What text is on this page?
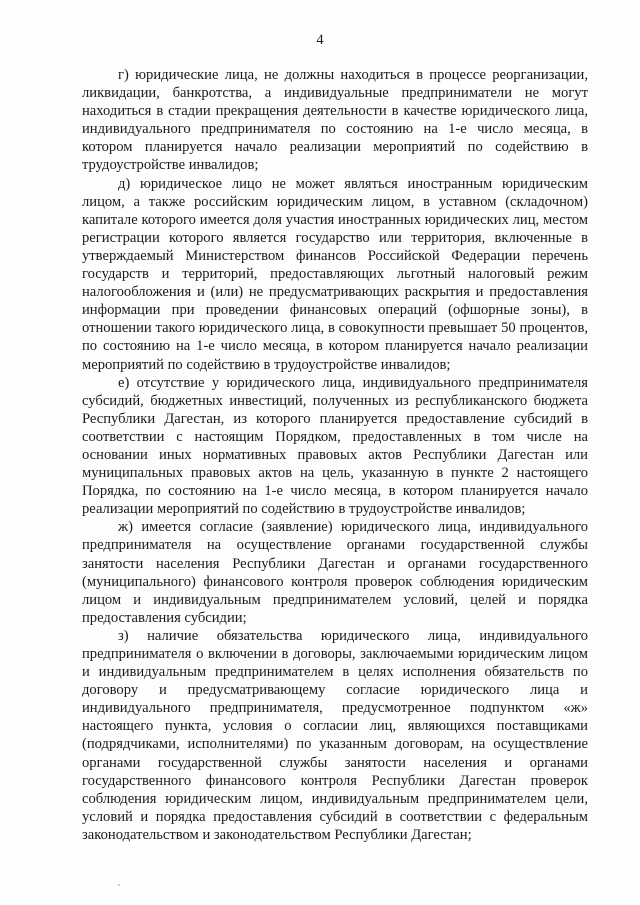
4

г) юридические лица, не должны находиться в процессе реорганизации, ликвидации, банкротства, а индивидуальные предприниматели не могут находиться в стадии прекращения деятельности в качестве юридического лица, индивидуального предпринимателя по состоянию на 1-е число месяца, в котором планируется начало реализации мероприятий по содействию в трудоустройстве инвалидов;

д) юридическое лицо не может являться иностранным юридическим лицом, а также российским юридическим лицом, в уставном (складочном) капитале которого имеется доля участия иностранных юридических лиц, местом регистрации которого является государство или территория, включенные в утверждаемый Министерством финансов Российской Федерации перечень государств и территорий, предоставляющих льготный налоговый режим налогообложения и (или) не предусматривающих раскрытия и предоставления информации при проведении финансовых операций (офшорные зоны), в отношении такого юридического лица, в совокупности превышает 50 процентов, по состоянию на 1-е число месяца, в котором планируется начало реализации мероприятий по содействию в трудоустройстве инвалидов;

е) отсутствие у юридического лица, индивидуального предпринимателя субсидий, бюджетных инвестиций, полученных из республиканского бюджета Республики Дагестан, из которого планируется предоставление субсидий в соответствии с настоящим Порядком, предоставленных в том числе на основании иных нормативных правовых актов Республики Дагестан или муниципальных правовых актов на цель, указанную в пункте 2 настоящего Порядка, по состоянию на 1-е число месяца, в котором планируется начало реализации мероприятий по содействию в трудоустройстве инвалидов;

ж) имеется согласие (заявление) юридического лица, индивидуального предпринимателя на осуществление органами государственной службы занятости населения Республики Дагестан и органами государственного (муниципального) финансового контроля проверок соблюдения юридическим лицом и индивидуальным предпринимателем условий, целей и порядка предоставления субсидии;

з) наличие обязательства юридического лица, индивидуального предпринимателя о включении в договоры, заключаемыми юридическим лицом и индивидуальным предпринимателем в целях исполнения обязательств по договору и предусматривающему согласие юридического лица и индивидуального предпринимателя, предусмотренное подпунктом «ж» настоящего пункта, условия о согласии лиц, являющихся поставщиками (подрядчиками, исполнителями) по указанным договорам, на осуществление органами государственной службы занятости населения и органами государственного финансового контроля Республики Дагестан проверок соблюдения юридическим лицом, индивидуальным предпринимателем цели, условий и порядка предоставления субсидий в соответствии с федеральным законодательством и законодательством Республики Дагестан;
